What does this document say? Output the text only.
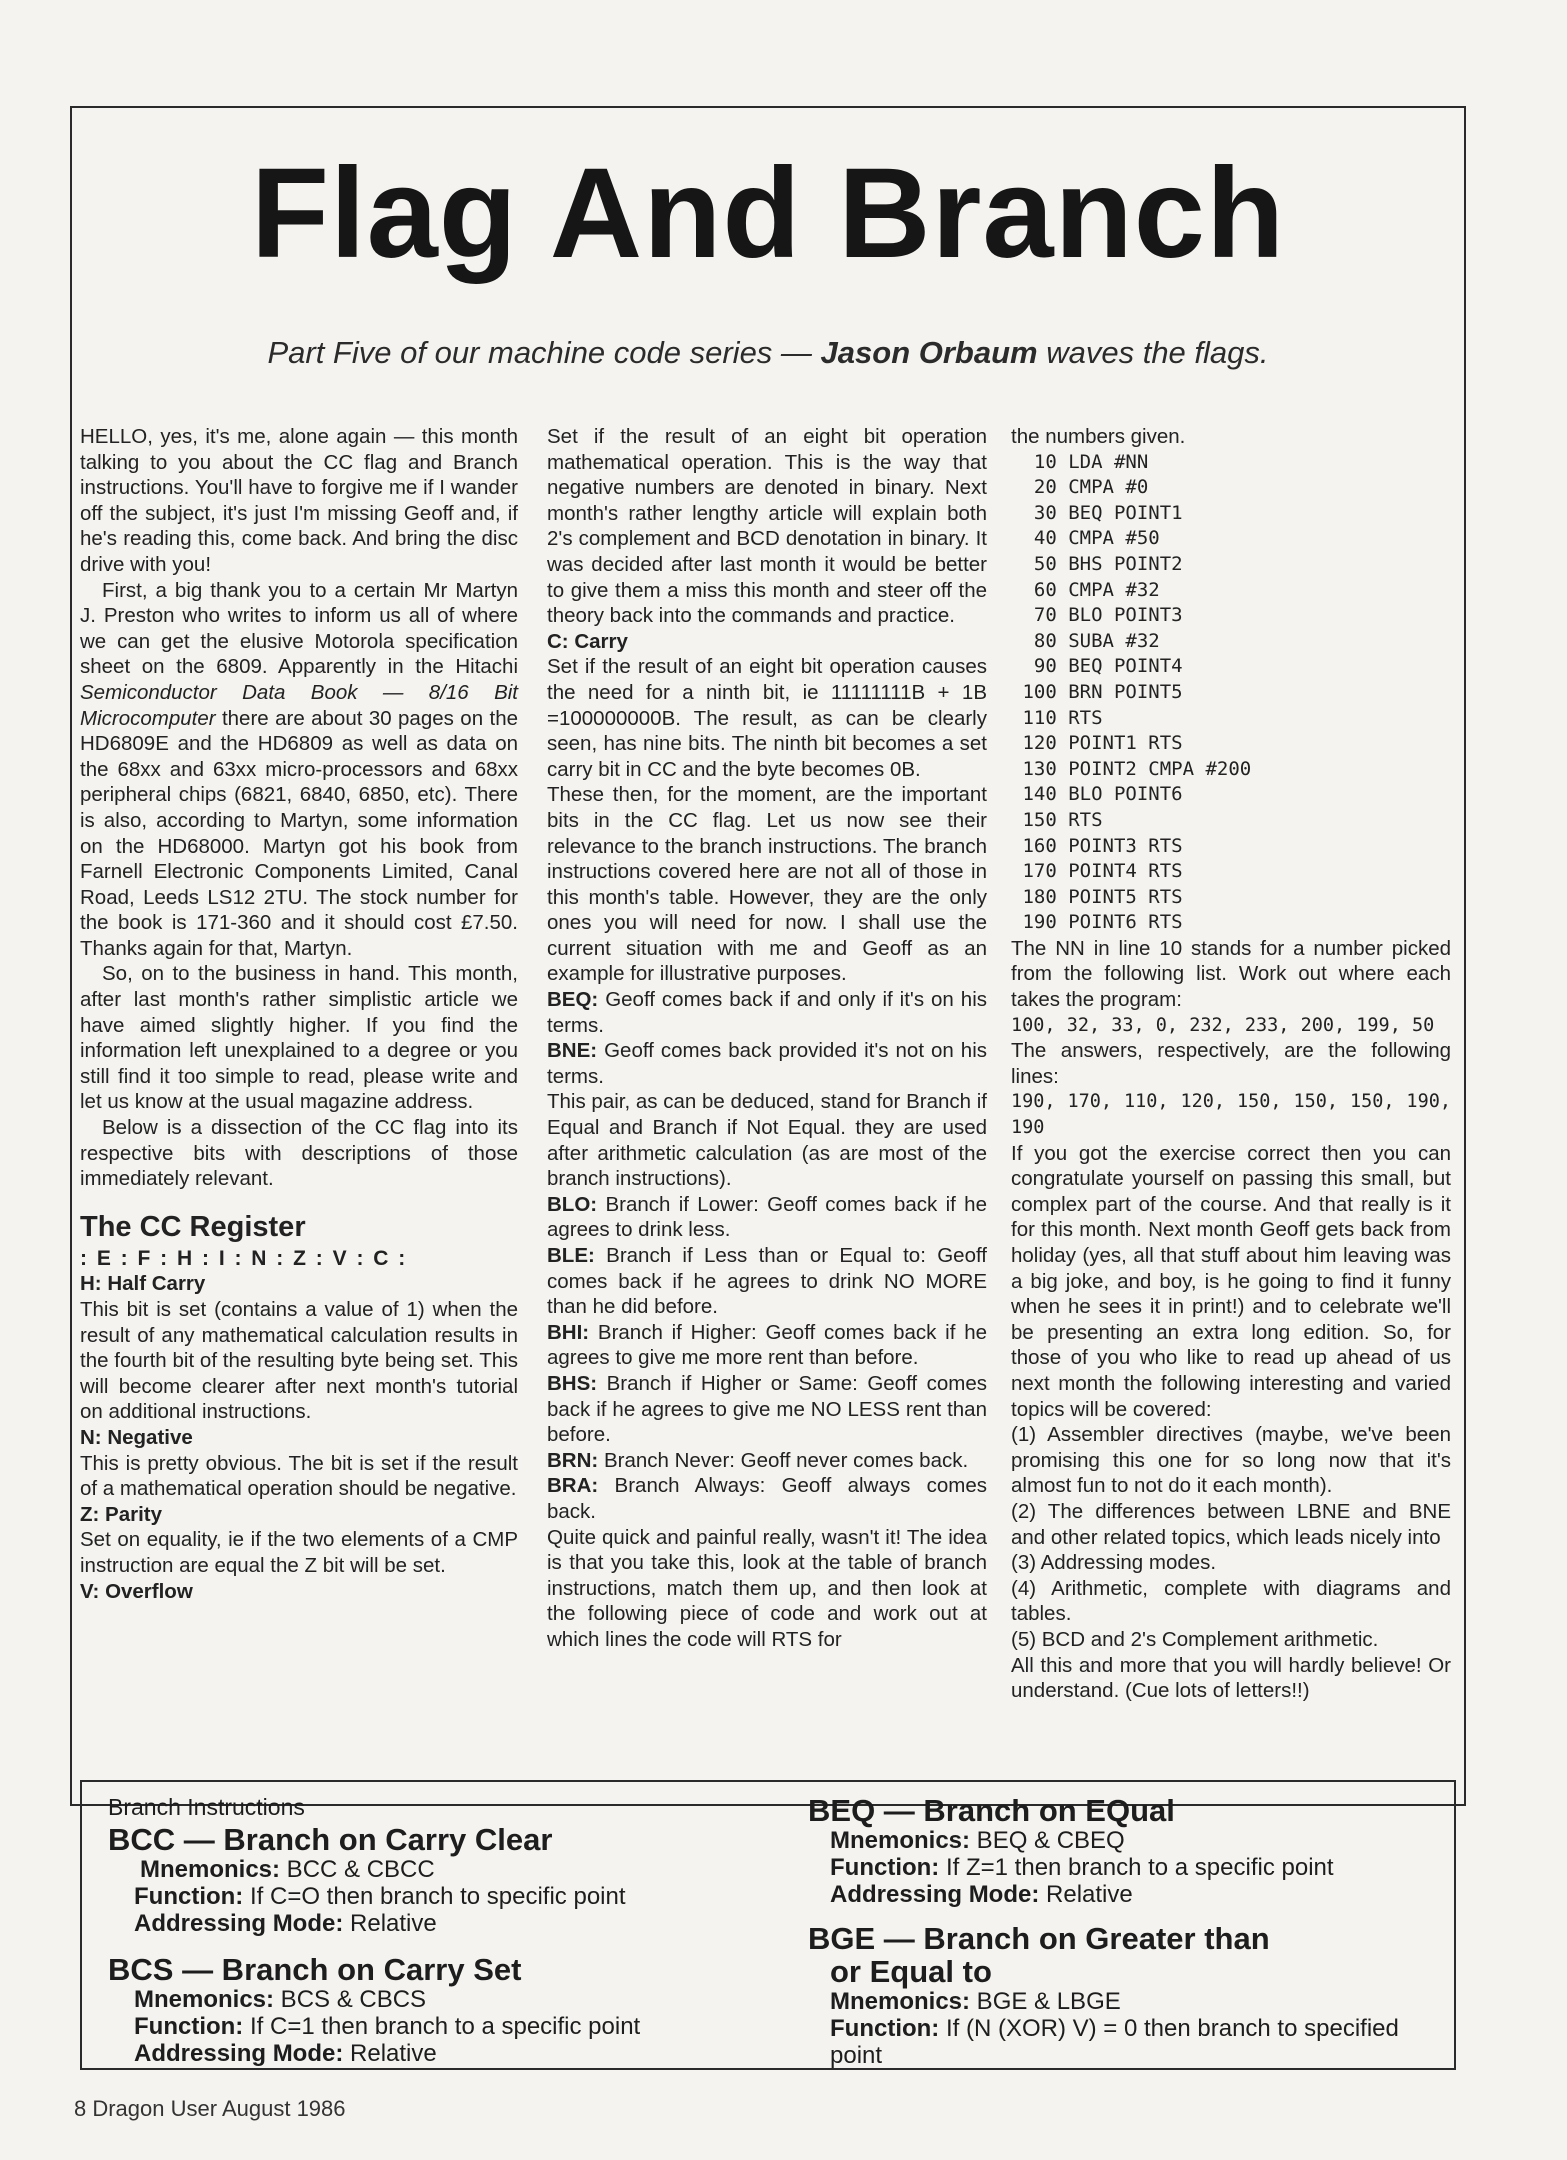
Flag And Branch
Part Five of our machine code series — Jason Orbaum waves the flags.

HELLO, yes, it's me, alone again — this month talking to you about the CC flag and Branch instructions. You'll have to forgive me if I wander off the subject, it's just I'm missing Geoff and, if he's reading this, come back. And bring the disc drive with you!

First, a big thank you to a certain Mr Martyn J. Preston who writes to inform us all of where we can get the elusive Motorola specification sheet on the 6809. Apparently in the Hitachi Semiconductor Data Book — 8/16 Bit Microcomputer there are about 30 pages on the HD6809E and the HD6809 as well as data on the 68xx and 63xx micro-processors and 68xx peripheral chips (6821, 6840, 6850, etc). There is also, according to Martyn, some information on the HD68000. Martyn got his book from Farnell Electronic Components Limited, Canal Road, Leeds LS12 2TU. The stock number for the book is 171-360 and it should cost £7.50. Thanks again for that, Martyn.

So, on to the business in hand. This month, after last month's rather simplistic article we have aimed slightly higher. If you find the information left unexplained to a degree or you still find it too simple to read, please write and let us know at the usual magazine address.

Below is a dissection of the CC flag into its respective bits with descriptions of those immediately relevant.

The CC Register

: E : F : H : I : N : Z : V : C :

H: Half Carry

This bit is set (contains a value of 1) when the result of any mathematical calculation results in the fourth bit of the resulting byte being set. This will become clearer after next month's tutorial on additional instructions.

N: Negative

This is pretty obvious. The bit is set if the result of a mathematical operation should be negative.

Z: Parity

Set on equality, ie if the two elements of a CMP instruction are equal the Z bit will be set.

V: Overflow

Set if the result of an eight bit operation mathematical operation. This is the way that negative numbers are denoted in binary. Next month's rather lengthy article will explain both 2's complement and BCD denotation in binary. It was decided after last month it would be better to give them a miss this month and steer off the theory back into the commands and practice.

C: Carry

Set if the result of an eight bit operation causes the need for a ninth bit, ie 11111111B + 1B =100000000B. The result, as can be clearly seen, has nine bits. The ninth bit becomes a set carry bit in CC and the byte becomes 0B.

These then, for the moment, are the important bits in the CC flag. Let us now see their relevance to the branch instructions. The branch instructions covered here are not all of those in this month's table. However, they are the only ones you will need for now. I shall use the current situation with me and Geoff as an example for illustrative purposes.

BEQ: Geoff comes back if and only if it's on his terms.

BNE: Geoff comes back provided it's not on his terms.

This pair, as can be deduced, stand for Branch if Equal and Branch if Not Equal. they are used after arithmetic calculation (as are most of the branch instructions).

BLO: Branch if Lower: Geoff comes back if he agrees to drink less.

BLE: Branch if Less than or Equal to: Geoff comes back if he agrees to drink NO MORE than he did before.

BHI: Branch if Higher: Geoff comes back if he agrees to give me more rent than before.

BHS: Branch if Higher or Same: Geoff comes back if he agrees to give me NO LESS rent than before.

BRN: Branch Never: Geoff never comes back.

BRA: Branch Always: Geoff always comes back.

Quite quick and painful really, wasn't it! The idea is that you take this, look at the table of branch instructions, match them up, and then look at the following piece of code and work out at which lines the code will RTS for

the numbers given.

10 LDA #NN
20 CMPA #0
30 BEQ POINT1
40 CMPA #50
50 BHS POINT2
60 CMPA #32
70 BLO POINT3
80 SUBA #32
90 BEQ POINT4
100 BRN POINT5
110 RTS
120 POINT1 RTS
130 POINT2 CMPA #200
140 BLO POINT6
150 RTS
160 POINT3 RTS
170 POINT4 RTS
180 POINT5 RTS
190 POINT6 RTS

The NN in line 10 stands for a number picked from the following list. Work out where each takes the program:

100, 32, 33, 0, 232, 233, 200, 199, 50

The answers, respectively, are the following lines:

190, 170, 110, 120, 150, 150, 150, 190, 190

If you got the exercise correct then you can congratulate yourself on passing this small, but complex part of the course. And that really is it for this month. Next month Geoff gets back from holiday (yes, all that stuff about him leaving was a big joke, and boy, is he going to find it funny when he sees it in print!) and to celebrate we'll be presenting an extra long edition. So, for those of you who like to read up ahead of us next month the following interesting and varied topics will be covered:

(1) Assembler directives (maybe, we've been promising this one for so long now that it's almost fun to not do it each month).

(2) The differences between LBNE and BNE and other related topics, which leads nicely into

(3) Addressing modes.

(4) Arithmetic, complete with diagrams and tables.

(5) BCD and 2's Complement arithmetic.

All this and more that you will hardly believe! Or understand. (Cue lots of letters!!)

Branch Instructions

BCC — Branch on Carry Clear

Mnemonics: BCC & CBCC

Function: If C=O then branch to specific point

Addressing Mode: Relative

BCS — Branch on Carry Set

Mnemonics: BCS & CBCS

Function: If C=1 then branch to a specific point

Addressing Mode: Relative

BEQ — Branch on EQual

Mnemonics: BEQ & CBEQ

Function: If Z=1 then branch to a specific point

Addressing Mode: Relative

BGE — Branch on Greater than

or Equal to

Mnemonics: BGE & LBGE

Function: If (N (XOR) V) = 0 then branch to specified point

8 Dragon User August 1986
